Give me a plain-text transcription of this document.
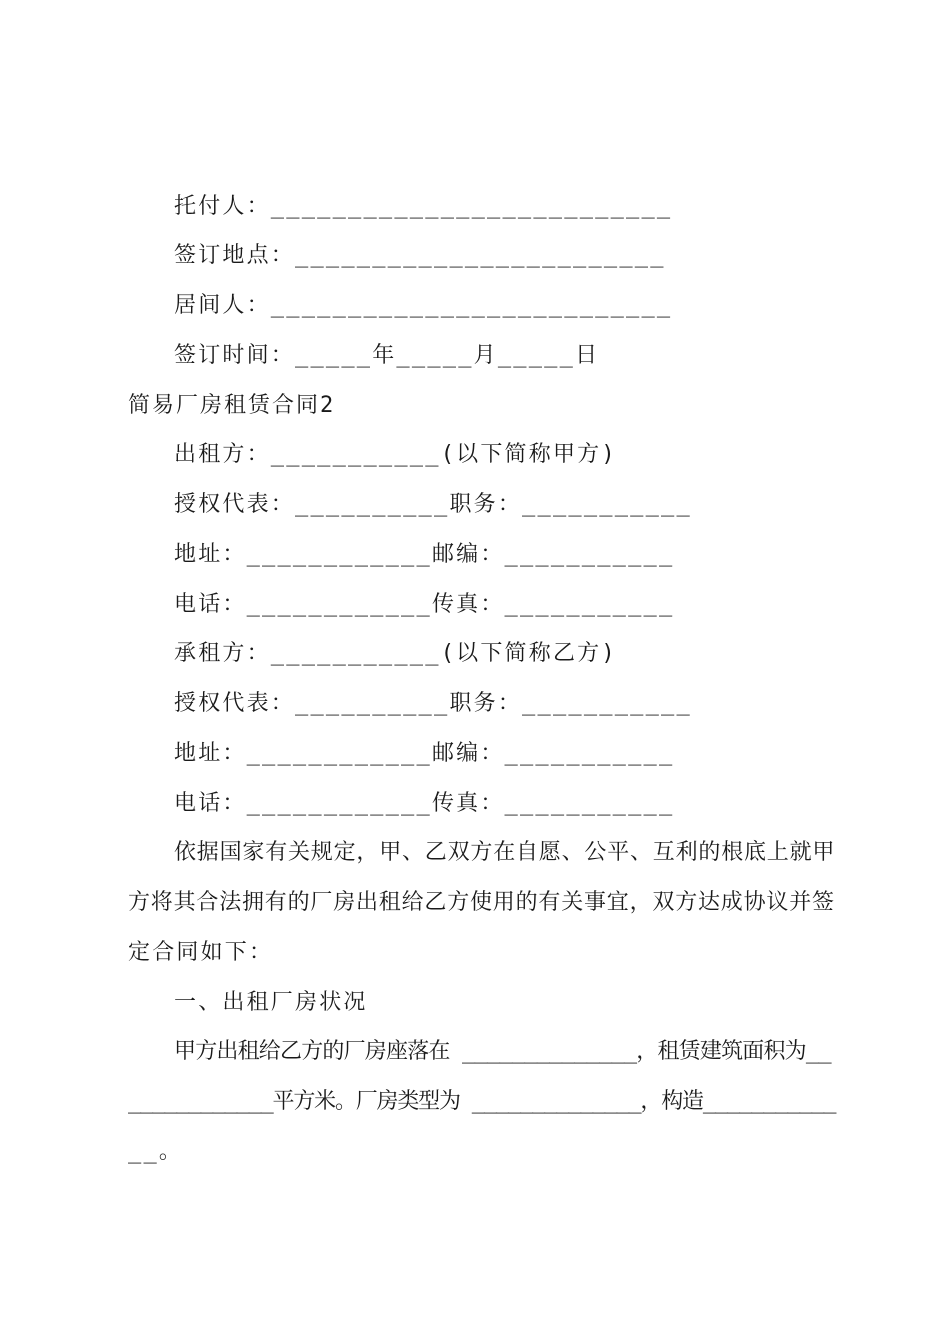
托付人：__________________________
签订地点：________________________
居间人：__________________________
签订时间：_____年_____月_____日
简易厂房租赁合同2
出租方：___________(以下简称甲方)
授权代表：__________职务：___________
地址：____________邮编：___________
电话：____________传真：___________
承租方：___________(以下简称乙方)
授权代表：__________职务：___________
地址：____________邮编：___________
电话：____________传真：___________
依据国家有关规定，甲、乙双方在自愿、公平、互利的根底上就甲
方将其合法拥有的厂房出租给乙方使用的有关事宜，双方达成协议并签
定合同如下：
一、出租厂房状况
甲方出租给乙方的厂房座落在 ______________，租赁建筑面积为__
____________平方米。厂房类型为 ______________，构造___________
__。
